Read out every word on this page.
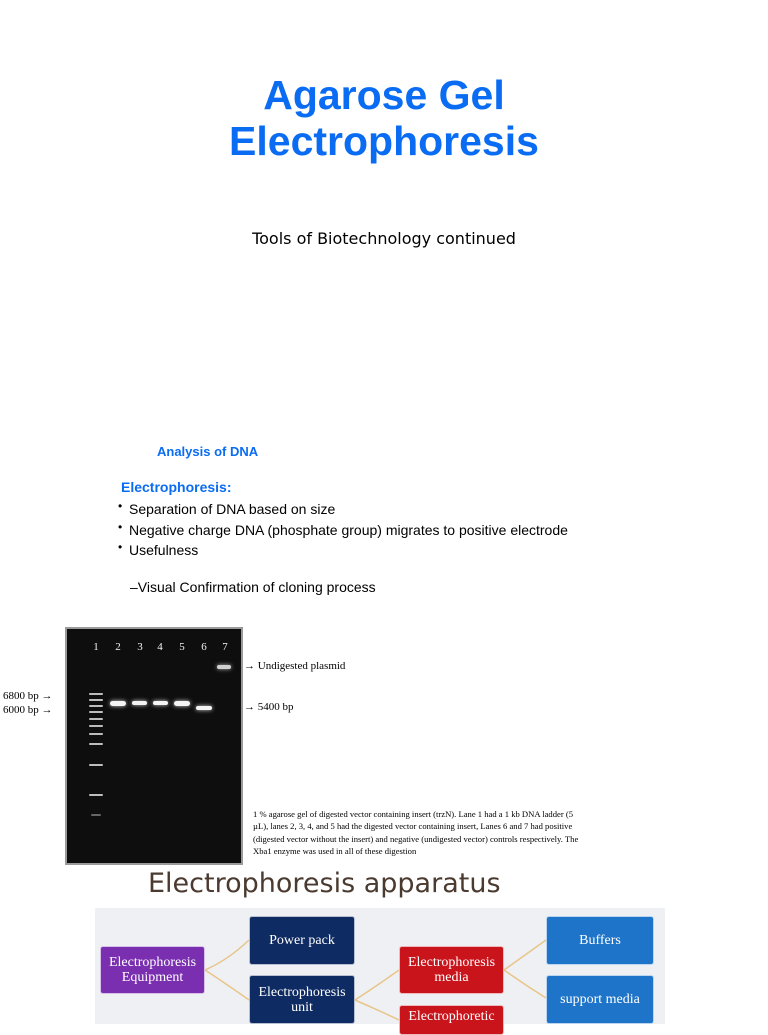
Agarose Gel
Electrophoresis
Tools of Biotechnology continued
Analysis of DNA
Electrophoresis:
• Separation of DNA based on size
• Negative charge DNA (phosphate group) migrates to positive electrode
• Usefulness
–Visual Confirmation of cloning process
1 2 3 4 5 6 7
6800 bp →
6000 bp →
→ Undigested plasmid
→ 5400 bp
1 % agarose gel of digested vector containing insert (trzN). Lane 1 had a 1 kb DNA ladder (5 µL), lanes 2, 3, 4, and 5 had the digested vector containing insert, Lanes 6 and 7 had positive (digested vector without the insert) and negative (undigested vector) controls respectively. The Xba1 enzyme was used in all of these digestion
Electrophoresis apparatus
Electrophoresis Equipment
Power pack
Electrophoresis unit
Electrophoresis media
Electrophoretic
Buffers
support media
